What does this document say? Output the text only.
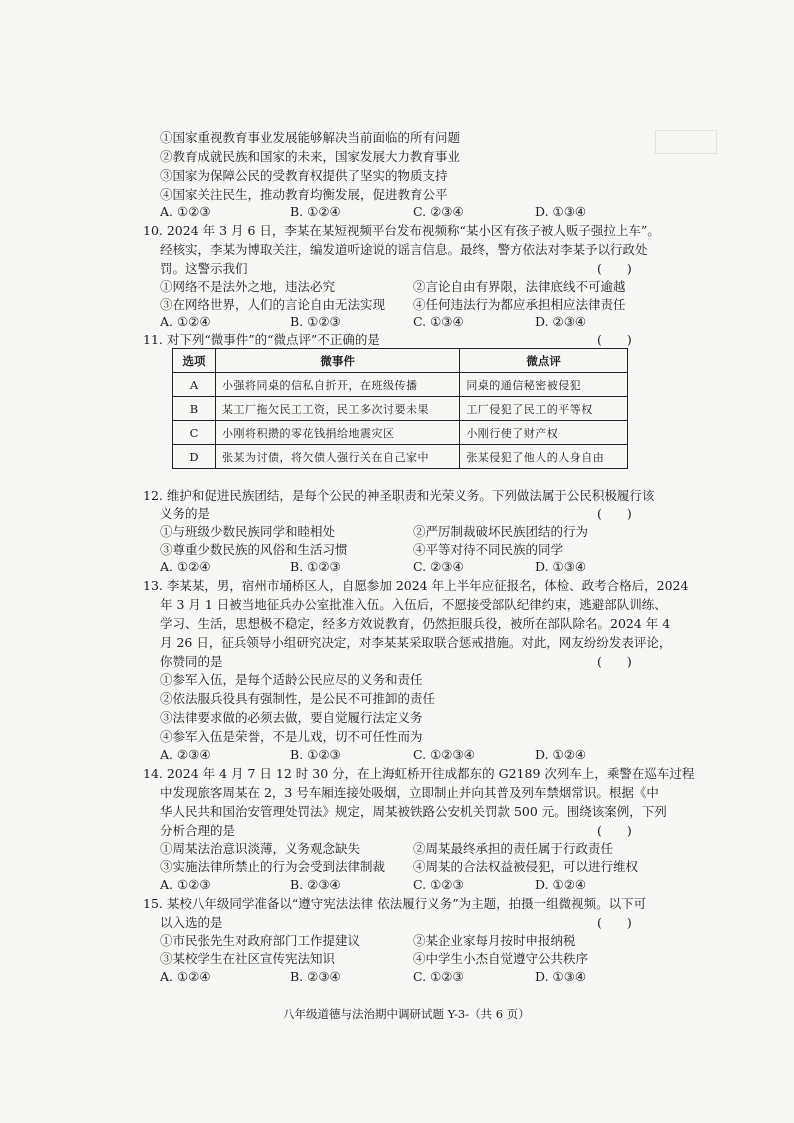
①国家重视教育事业发展能够解决当前面临的所有问题
②教育成就民族和国家的未来，国家发展大力教育事业
③国家为保障公民的受教育权提供了坚实的物质支持
④国家关注民生，推动教育均衡发展，促进教育公平
A. ①②③	B. ①②④	C. ②③④	D. ①③④
10. 2024 年 3 月 6 日，李某在某短视频平台发布视频称“某小区有孩子被人贩子强拉上车”。
经核实，李某为博取关注，编发道听途说的谣言信息。最终，警方依法对李某予以行政处
罚。这警示我们	(　　)
①网络不是法外之地，违法必究	②言论自由有界限，法律底线不可逾越
③在网络世界，人们的言论自由无法实现 ④任何违法行为都应承担相应法律责任
A. ①②④	B. ①②③	C. ①③④	D. ②③④
11. 对下列“微事件”的“微点评”不正确的是	(　　)
选项	微事件	微点评
A	小强将同桌的信私自折开，在班级传播	同桌的通信秘密被侵犯
B	某工厂拖欠民工工资，民工多次讨要未果	工厂侵犯了民工的平等权
C	小刚将积攒的零花钱捐给地震灾区	小刚行使了财产权
D	张某为讨债，将欠债人强行关在自己家中	张某侵犯了他人的人身自由
12. 维护和促进民族团结，是每个公民的神圣职责和光荣义务。下列做法属于公民积极履行该
义务的是	(　　)
①与班级少数民族同学和睦相处	②严厉制裁破坏民族团结的行为
③尊重少数民族的风俗和生活习惯	④平等对待不同民族的同学
A. ①②④	B. ①②③	C. ②③④	D. ①③④
13. 李某某，男，宿州市埇桥区人，自愿参加 2024 年上半年应征报名，体检、政考合格后，2024
年 3 月 1 日被当地征兵办公室批准入伍。入伍后，不愿接受部队纪律约束，逃避部队训练、
学习、生活，思想极不稳定，经多方效说教育，仍然拒服兵役，被所在部队除名。2024 年 4
月 26 日，征兵领导小组研究决定，对李某某采取联合惩戒措施。对此，网友纷纷发表评论，
你赞同的是	(　　)
①参军入伍，是每个适龄公民应尽的义务和责任
②依法服兵役具有强制性，是公民不可推卸的责任
③法律要求做的必须去做，要自觉履行法定义务
④参军入伍是荣誉，不是儿戏，切不可任性而为
A. ②③④	B. ①②③	C. ①②③④	D. ①②④
14. 2024 年 4 月 7 日 12 时 30 分，在上海虹桥开往成都东的 G2189 次列车上，乘警在巡车过程
中发现旅客周某在 2，3 号车厢连接处吸烟，立即制止并向其普及列车禁烟常识。根据《中
华人民共和国治安管理处罚法》规定，周某被铁路公安机关罚款 500 元。围绕该案例，下列
分析合理的是	(　　)
①周某法治意识淡薄，义务观念缺失	②周某最终承担的责任属于行政责任
③实施法律所禁止的行为会受到法律制裁 ④周某的合法权益被侵犯，可以进行维权
A. ①②③	B. ②③④	C. ①②③	D. ①②④
15. 某校八年级同学准备以“遵守宪法法律 依法履行义务”为主题，拍摄一组微视频。以下可
以入选的是	(　　)
①市民张先生对政府部门工作提建议	②某企业家每月按时申报纳税
③某校学生在社区宣传宪法知识	④中学生小杰自觉遵守公共秩序
A. ①②④	B. ②③④	C. ①②③	D. ①③④
八年级道德与法治期中调研试题 Y-3-（共 6 页）
